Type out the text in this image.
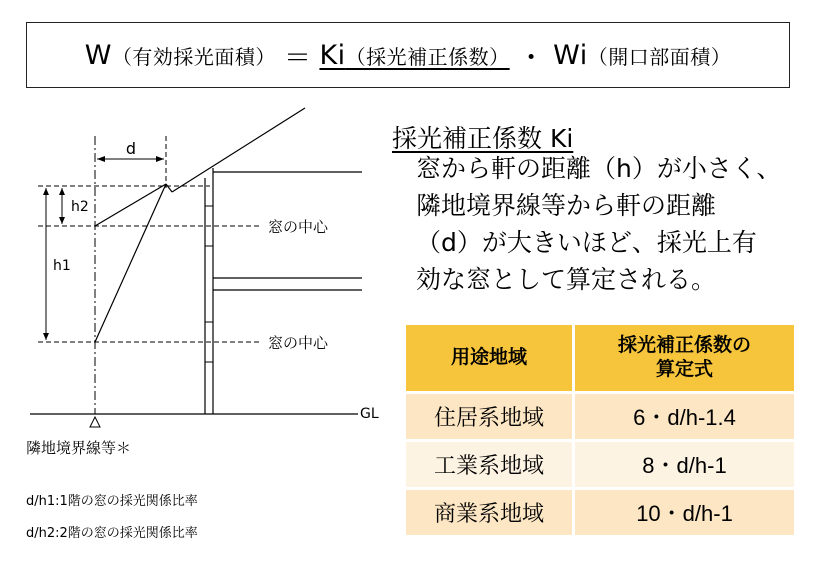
W （有効採光面積） ＝ Ki（採光補正係数） ・ Wi （開口部面積）
d
h2
h1
窓の中心
窓の中心
GL
隣地境界線等＊
d/h1:1階の窓の採光関係比率
d/h2:2階の窓の採光関係比率
採光補正係数 Ki
窓から軒の距離（h）が小さく、
隣地境界線等から軒の距離
（d）が大きいほど、採光上有
効な窓として算定される。
用途地域	採光補正係数の
算定式
住居系地域	6・d/h-1.4
工業系地域	8・d/h-1
商業系地域	10・d/h-1
